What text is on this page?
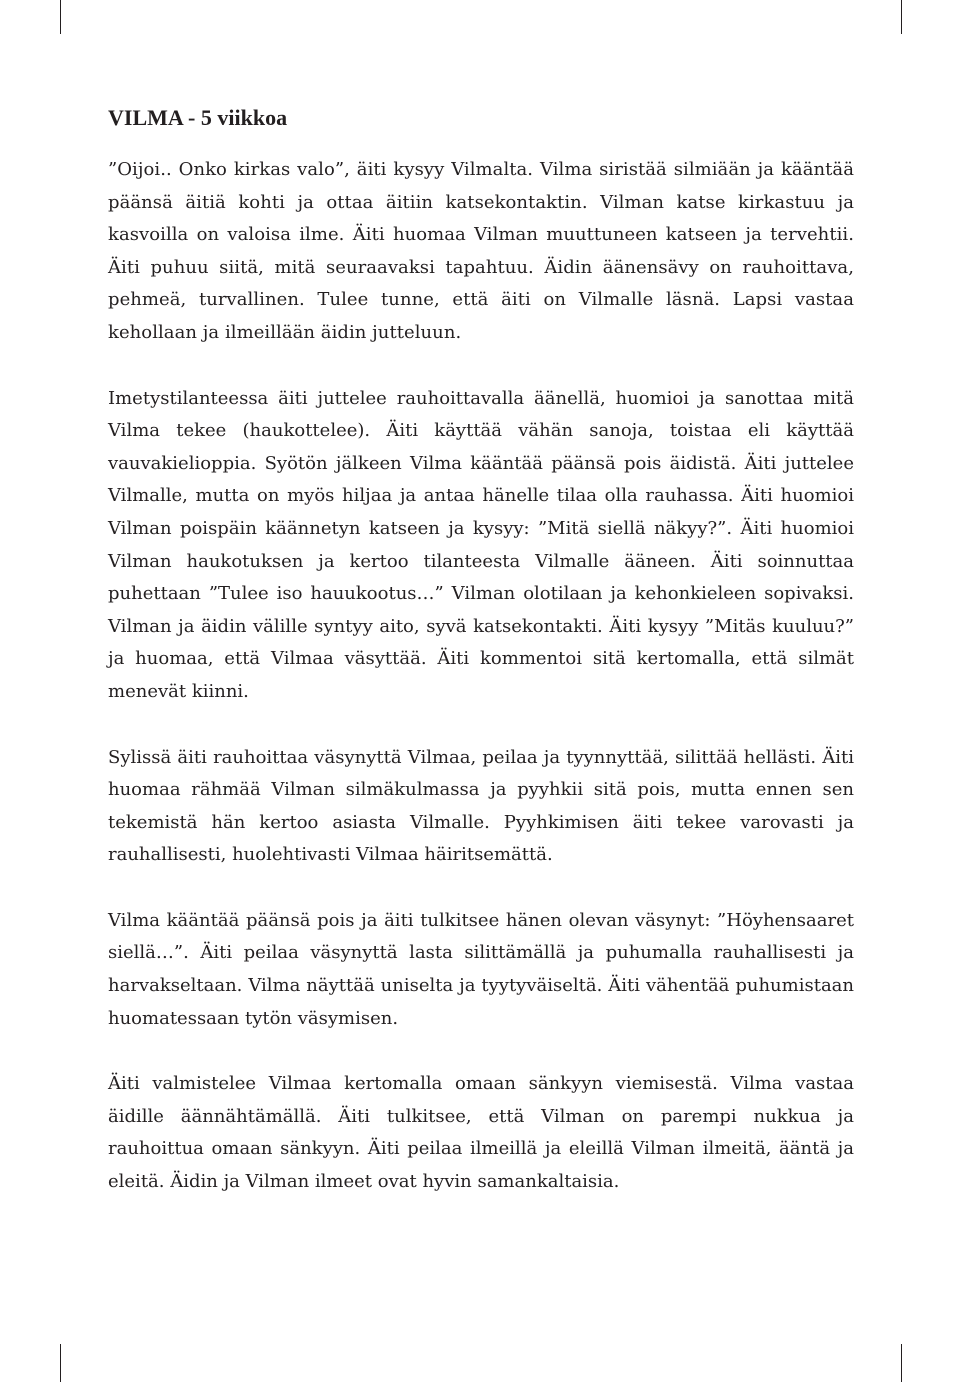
VILMA - 5 viikkoa

”Oijoi.. Onko kirkas valo”, äiti kysyy Vilmalta. Vilma siristää silmiään ja kääntää päänsä äitiä kohti ja ottaa äitiin katsekontaktin. Vilman katse kirkastuu ja kasvoilla on valoisa ilme. Äiti huomaa Vilman muuttuneen katseen ja tervehtii. Äiti puhuu siitä, mitä seuraavaksi tapahtuu. Äidin äänensävy on rauhoittava, pehmeä, turvallinen. Tulee tunne, että äiti on Vilmalle läsnä. Lapsi vastaa kehollaan ja ilmeillään äidin jutteluun.

Imetystilanteessa äiti juttelee rauhoittavalla äänellä, huomioi ja sanottaa mitä Vilma tekee (haukottelee). Äiti käyttää vähän sanoja, toistaa eli käyttää vauvakielioppia. Syötön jälkeen Vilma kääntää päänsä pois äidistä. Äiti juttelee Vilmalle, mutta on myös hiljaa ja antaa hänelle tilaa olla rauhassa. Äiti huomioi Vilman poispäin käännetyn katseen ja kysyy: ”Mitä siellä näkyy?”. Äiti huomioi Vilman haukotuksen ja kertoo tilanteesta Vilmalle ääneen. Äiti soinnuttaa puhettaan ”Tulee iso hauukootus…” Vilman olotilaan ja kehonkieleen sopivaksi. Vilman ja äidin välille syntyy aito, syvä katsekontakti. Äiti kysyy ”Mitäs kuuluu?” ja huomaa, että Vilmaa väsyttää. Äiti kommentoi sitä kertomalla, että silmät menevät kiinni.

Sylissä äiti rauhoittaa väsynyttä Vilmaa, peilaa ja tyynnyttää, silittää hellästi. Äiti huomaa rähmää Vilman silmäkulmassa ja pyyhkii sitä pois, mutta ennen sen tekemistä hän kertoo asiasta Vilmalle. Pyyhkimisen äiti tekee varovasti ja rauhallisesti, huolehtivasti Vilmaa häiritsemättä.

Vilma kääntää päänsä pois ja äiti tulkitsee hänen olevan väsynyt: ”Höyhensaaret siellä…”. Äiti peilaa väsynyttä lasta silittämällä ja puhumalla rauhallisesti ja harvakseltaan. Vilma näyttää uniselta ja tyytyväiseltä. Äiti vähentää puhumistaan huomatessaan tytön väsymisen.

Äiti valmistelee Vilmaa kertomalla omaan sänkyyn viemisestä. Vilma vastaa äidille äännähtämällä. Äiti tulkitsee, että Vilman on parempi nukkua ja rauhoittua omaan sänkyyn. Äiti peilaa ilmeillä ja eleillä Vilman ilmeitä, ääntä ja eleitä. Äidin ja Vilman ilmeet ovat hyvin samankaltaisia.
